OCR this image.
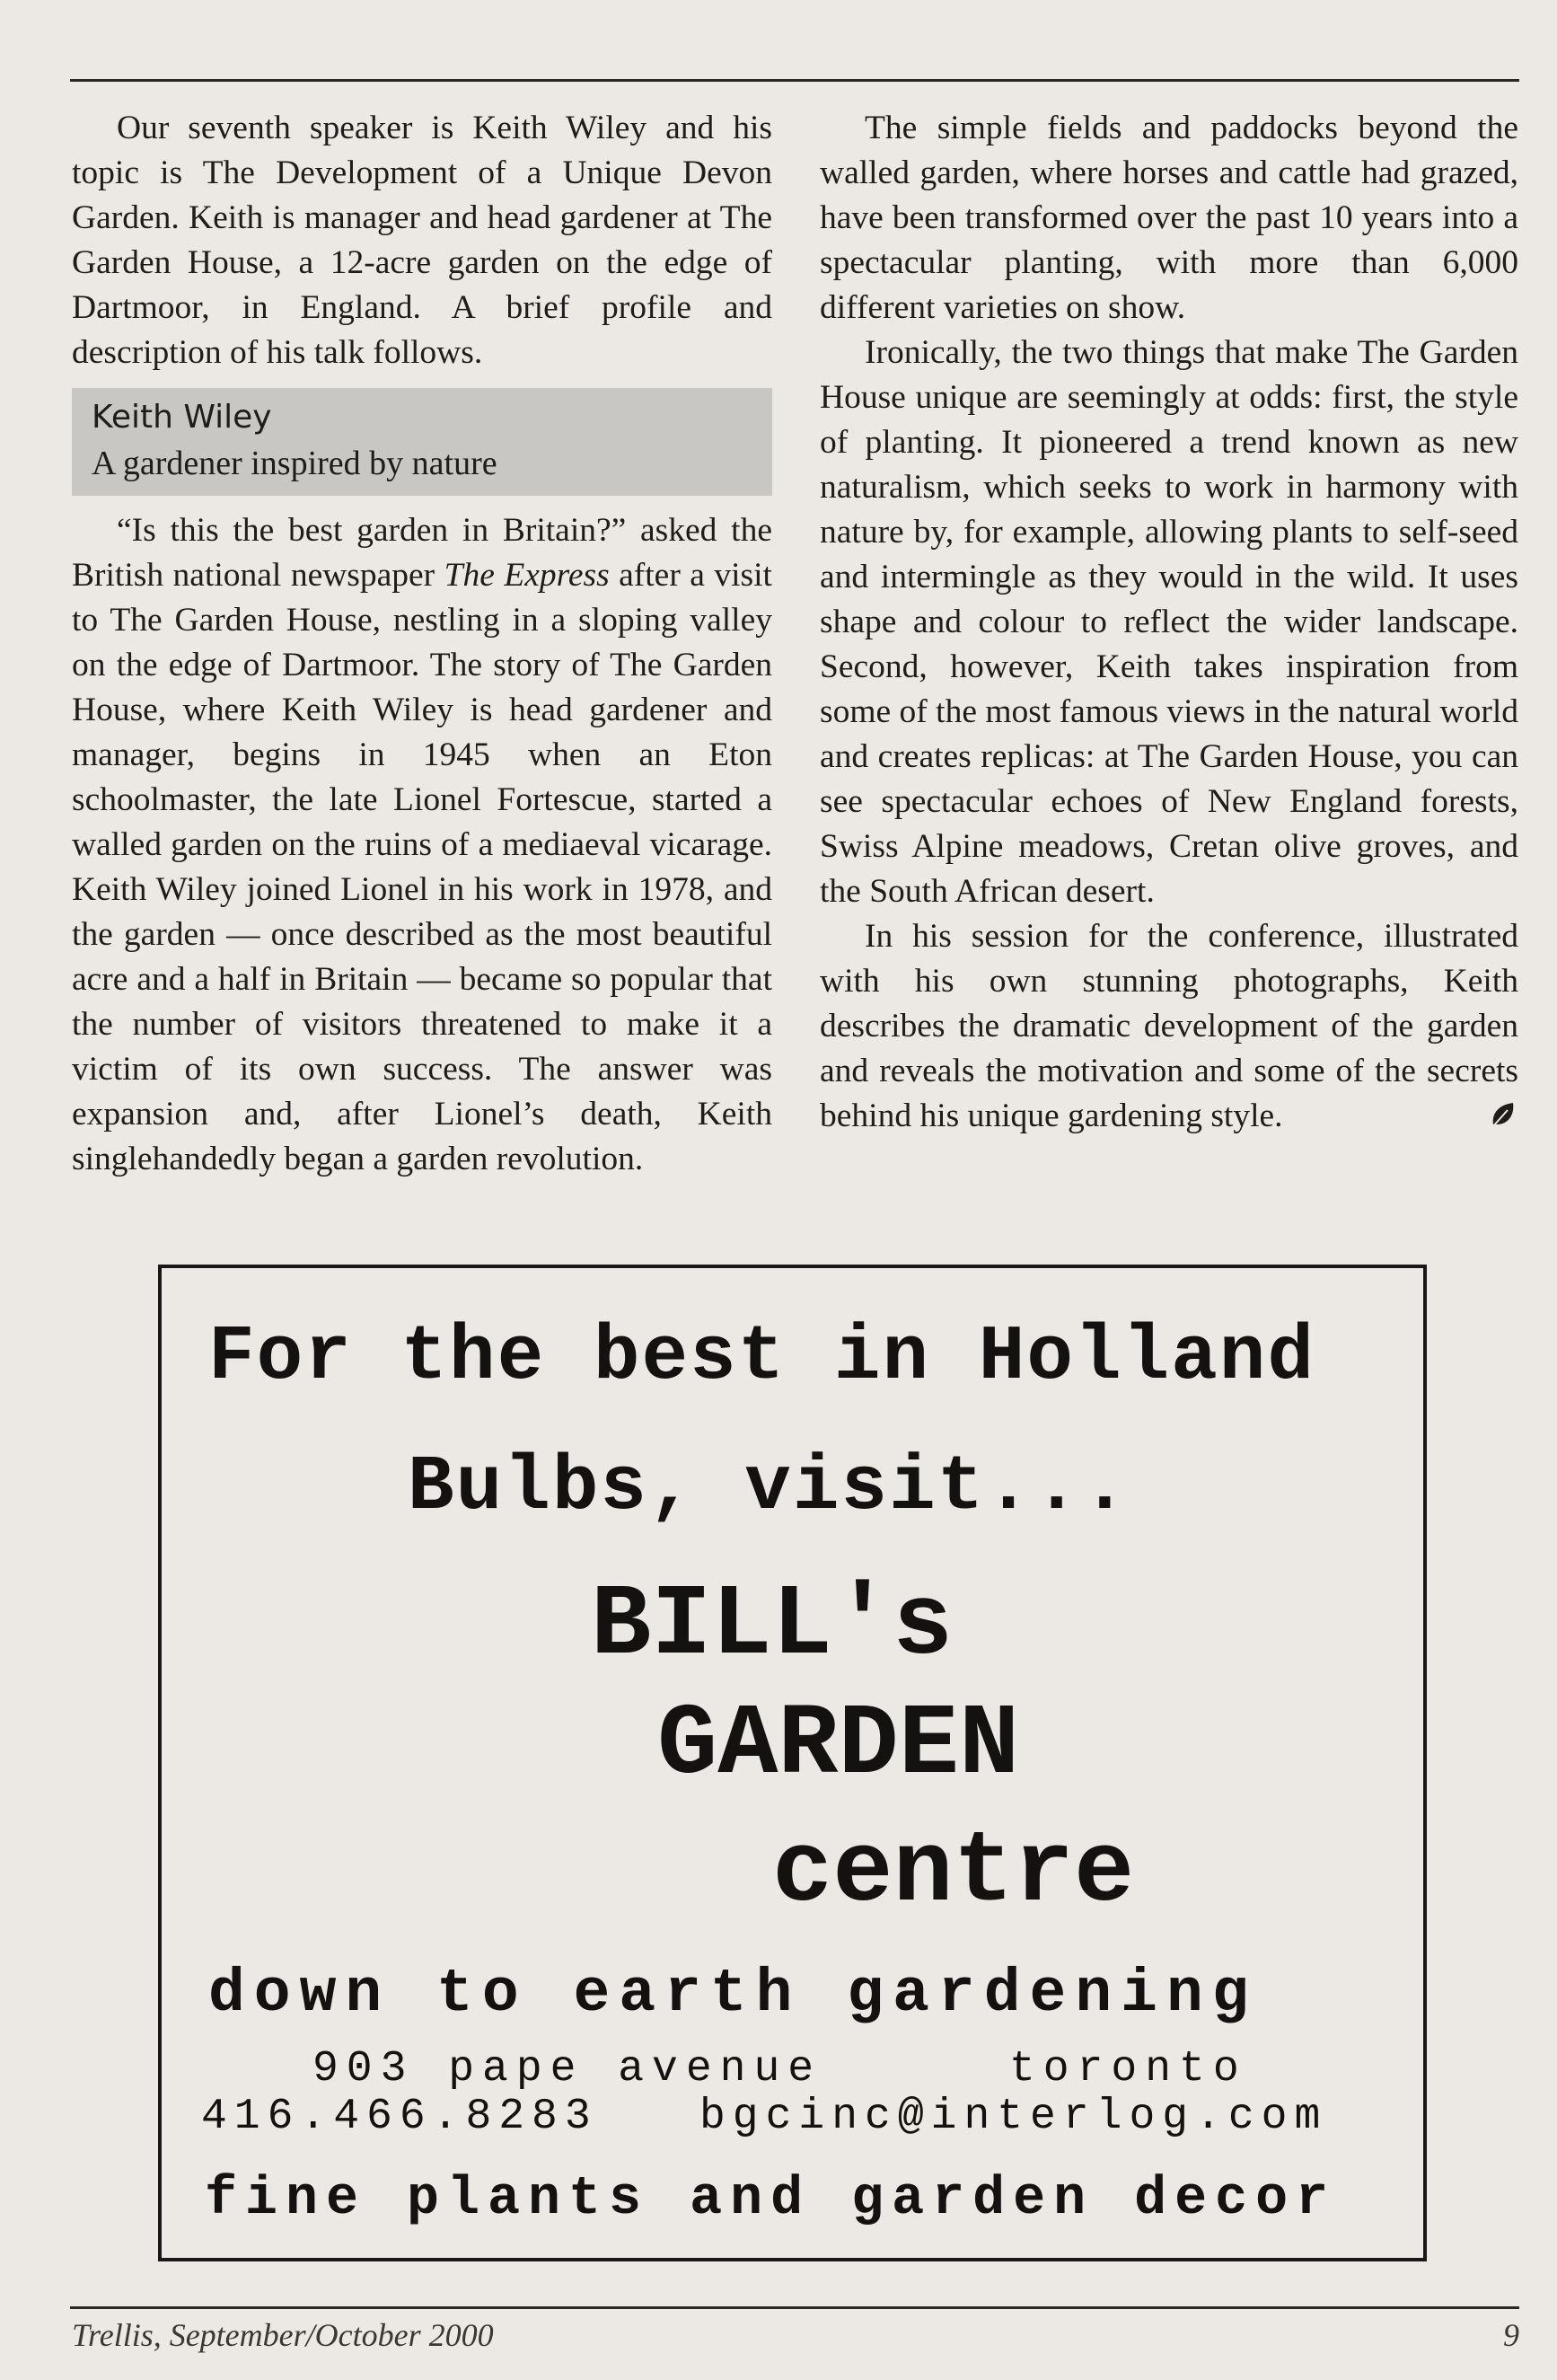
Our seventh speaker is Keith Wiley and his topic is The Development of a Unique Devon Garden. Keith is manager and head gardener at The Garden House, a 12-acre garden on the edge of Dartmoor, in England. A brief profile and description of his talk follows.

Keith Wiley
A gardener inspired by nature

“Is this the best garden in Britain?” asked the British national newspaper The Express after a visit to The Garden House, nestling in a sloping valley on the edge of Dartmoor. The story of The Garden House, where Keith Wiley is head gardener and manager, begins in 1945 when an Eton schoolmaster, the late Lionel Fortescue, started a walled garden on the ruins of a mediaeval vicarage. Keith Wiley joined Lionel in his work in 1978, and the garden — once described as the most beautiful acre and a half in Britain — became so popular that the number of visitors threatened to make it a victim of its own success. The answer was expansion and, after Lionel’s death, Keith singlehandedly began a garden revolution.

The simple fields and paddocks beyond the walled garden, where horses and cattle had grazed, have been transformed over the past 10 years into a spectacular planting, with more than 6,000 different varieties on show.

Ironically, the two things that make The Garden House unique are seemingly at odds: first, the style of planting. It pioneered a trend known as new naturalism, which seeks to work in harmony with nature by, for example, allowing plants to self-seed and intermingle as they would in the wild. It uses shape and colour to reflect the wider landscape. Second, however, Keith takes inspiration from some of the most famous views in the natural world and creates replicas: at The Garden House, you can see spectacular echoes of New England forests, Swiss Alpine meadows, Cretan olive groves, and the South African desert.

In his session for the conference, illustrated with his own stunning photographs, Keith describes the dramatic development of the garden and reveals the motivation and some of the secrets behind his unique gardening style.

For the best in Holland
Bulbs, visit...
BILL's
GARDEN
centre
down to earth gardening
903 pape avenue	toronto
416.466.8283 bgcinc@interlog.com
fine plants and garden decor
Trellis, September/October 2000	9
